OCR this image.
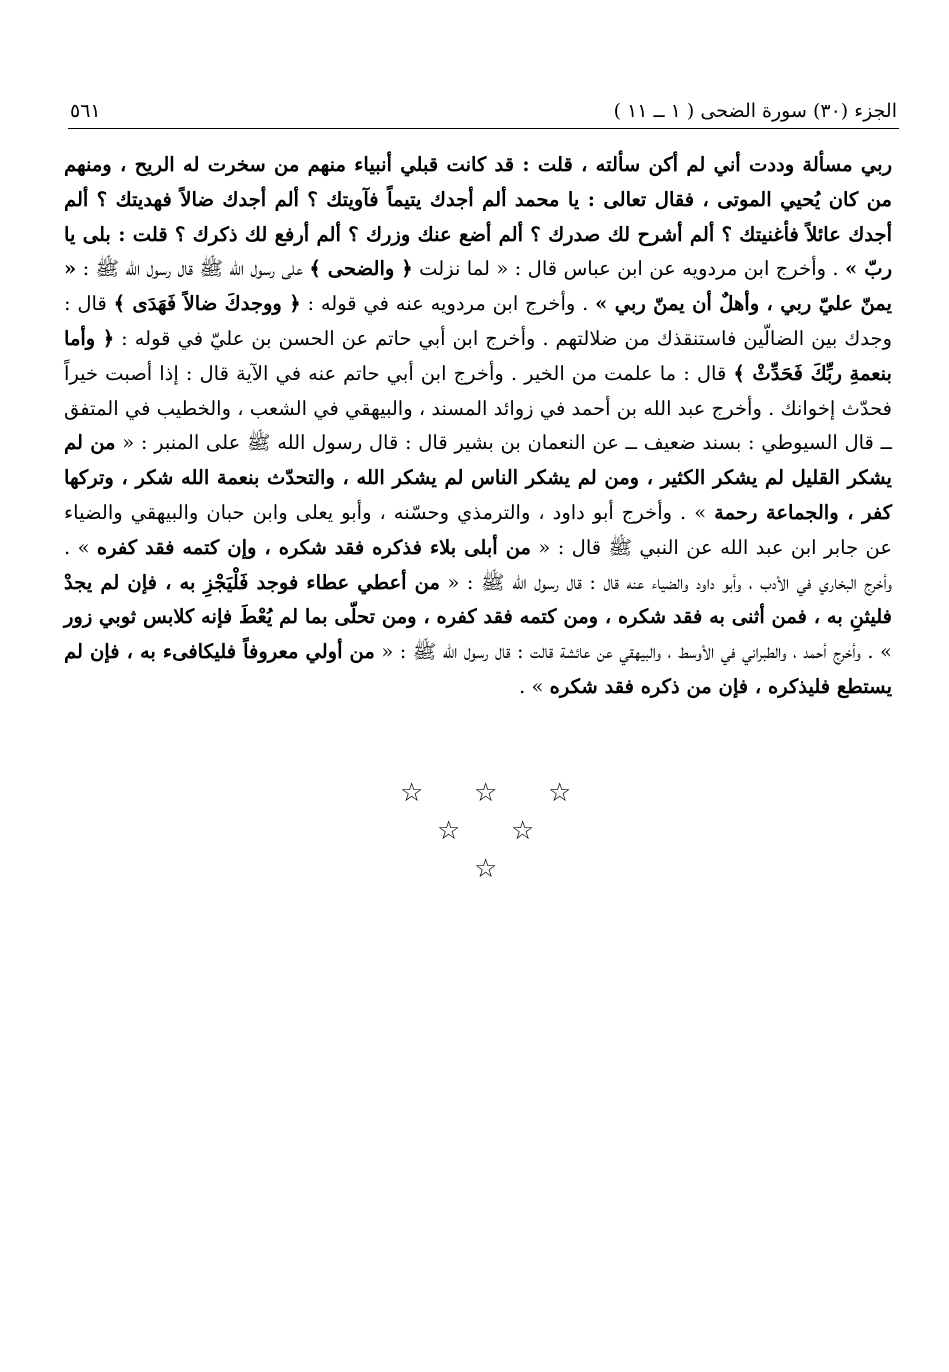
الجزء (٣٠) سورة الضحى ( ١ ــ ١١ )
٥٦١

ربي مسألة وددت أني لم أكن سألته ، قلت : قد كانت قبلي أنبياء منهم من سخرت له الريح ، ومنهم من كان يُحيي الموتى ، فقال تعالى : يا محمد ألم أجدك يتيماً فآويتك ؟ ألم أجدك ضالاً فهديتك ؟ ألم أجدك عائلاً فأغنيتك ؟ ألم أشرح لك صدرك ؟ ألم أضع عنك وزرك ؟ ألم أرفع لك ذكرك ؟ قلت : بلى يا ربّ » . وأخرج ابن مردويه عن ابن عباس قال : « لما نزلت ﴿ والضحى ﴾ على رسول الله ﷺ قال رسول الله ﷺ : « يمنّ عليّ ربي ، وأهلٌ أن يمنّ ربي » . وأخرج ابن مردويه عنه في قوله : ﴿ ووجدكَ ضالاً فَهَدَى ﴾ قال : وجدك بين الضالّين فاستنقذك من ضلالتهم . وأخرج ابن أبي حاتم عن الحسن بن عليّ في قوله : ﴿ وأما بنعمةِ ربِّكَ فَحَدِّثْ ﴾ قال : ما علمت من الخير . وأخرج ابن أبي حاتم عنه في الآية قال : إذا أصبت خيراً فحدّث إخوانك . وأخرج عبد الله بن أحمد في زوائد المسند ، والبيهقي في الشعب ، والخطيب في المتفق ــ قال السيوطي : بسند ضعيف ــ عن النعمان بن بشير قال : قال رسول الله ﷺ على المنبر : « من لم يشكر القليل لم يشكر الكثير ، ومن لم يشكر الناس لم يشكر الله ، والتحدّث بنعمة الله شكر ، وتركها كفر ، والجماعة رحمة » . وأخرج أبو داود ، والترمذي وحسّنه ، وأبو يعلى وابن حبان والبيهقي والضياء عن جابر ابن عبد الله عن النبي ﷺ قال : « من أبلى بلاء فذكره فقد شكره ، وإن كتمه فقد كفره » . وأخرج البخاري في الأدب ، وأبو داود والضياء عنه قال : قال رسول الله ﷺ : « من أعطي عطاء فوجد فَلْيَجْزِ به ، فإن لم يجدْ فليثنِ به ، فمن أثنى به فقد شكره ، ومن كتمه فقد كفره ، ومن تحلّى بما لم يُعْطَ فإنه كلابس ثوبي زور » . وأخرج أحمد ، والطبراني في الأوسط ، والبيهقي عن عائشة قالت : قال رسول الله ﷺ : « من أولي معروفاً فليكافىء به ، فإن لم يستطع فليذكره ، فإن من ذكره فقد شكره » .

☆ ☆ ☆
☆ ☆
☆
